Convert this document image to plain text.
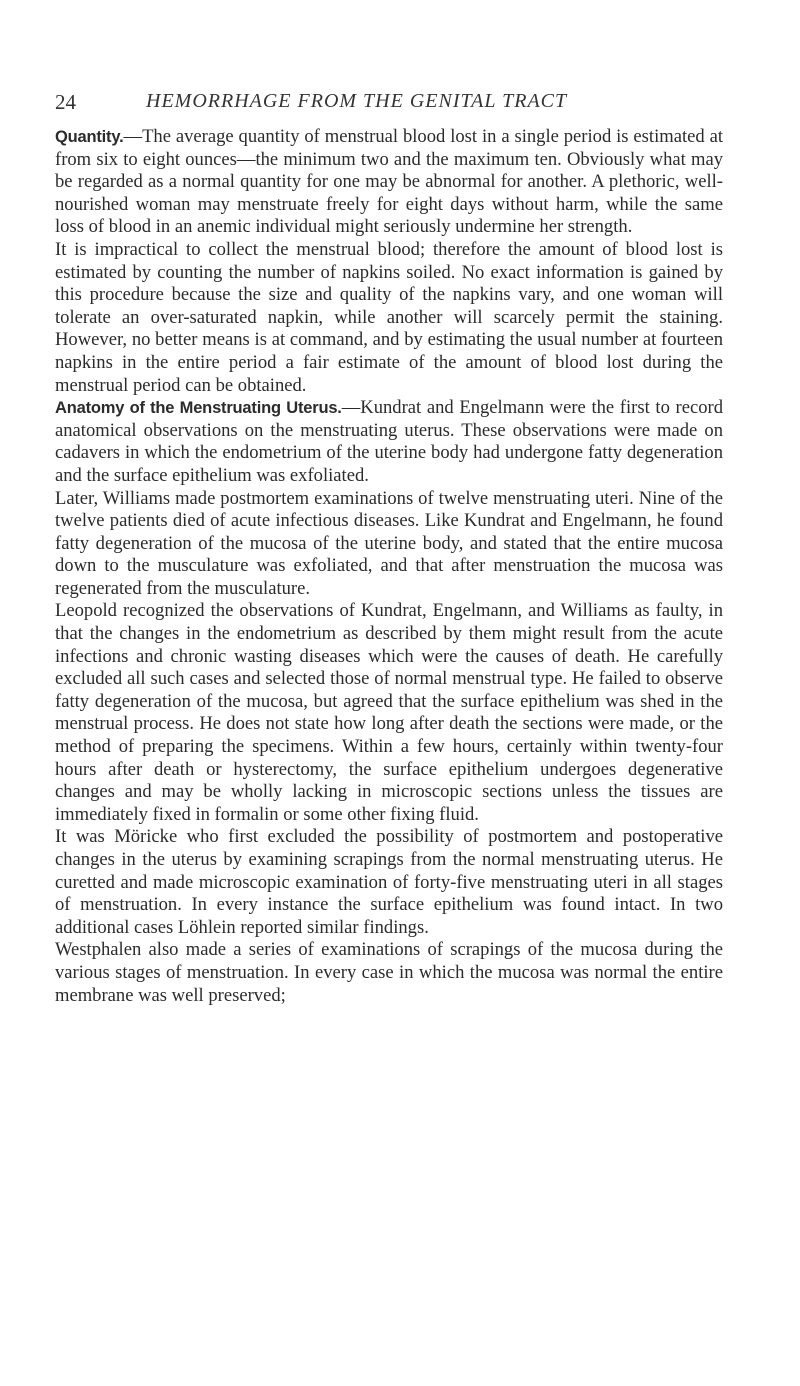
24	HEMORRHAGE FROM THE GENITAL TRACT

Quantity.—The average quantity of menstrual blood lost in a single period is estimated at from six to eight ounces—the minimum two and the maximum ten. Obviously what may be regarded as a normal quantity for one may be abnormal for another. A plethoric, well-nourished woman may menstruate freely for eight days without harm, while the same loss of blood in an anemic individual might seriously undermine her strength.

It is impractical to collect the menstrual blood; therefore the amount of blood lost is estimated by counting the number of napkins soiled. No exact information is gained by this procedure because the size and quality of the napkins vary, and one woman will tolerate an over-saturated napkin, while another will scarcely permit the staining. However, no better means is at command, and by estimating the usual number at fourteen napkins in the entire period a fair estimate of the amount of blood lost during the menstrual period can be obtained.

Anatomy of the Menstruating Uterus.—Kundrat and Engelmann were the first to record anatomical observations on the menstruating uterus. These observations were made on cadavers in which the endometrium of the uterine body had undergone fatty degeneration and the surface epithelium was exfoliated.

Later, Williams made postmortem examinations of twelve menstruating uteri. Nine of the twelve patients died of acute infectious diseases. Like Kundrat and Engelmann, he found fatty degeneration of the mucosa of the uterine body, and stated that the entire mucosa down to the musculature was exfoliated, and that after menstruation the mucosa was regenerated from the musculature.

Leopold recognized the observations of Kundrat, Engelmann, and Williams as faulty, in that the changes in the endometrium as described by them might result from the acute infections and chronic wasting diseases which were the causes of death. He carefully excluded all such cases and selected those of normal menstrual type. He failed to observe fatty degeneration of the mucosa, but agreed that the surface epithelium was shed in the menstrual process. He does not state how long after death the sections were made, or the method of preparing the specimens. Within a few hours, certainly within twenty-four hours after death or hysterectomy, the surface epithelium undergoes degenerative changes and may be wholly lacking in microscopic sections unless the tissues are immediately fixed in formalin or some other fixing fluid.

It was Möricke who first excluded the possibility of postmortem and postoperative changes in the uterus by examining scrapings from the normal menstruating uterus. He curetted and made microscopic examination of forty-five menstruating uteri in all stages of menstruation. In every instance the surface epithelium was found intact. In two additional cases Löhlein reported similar findings.

Westphalen also made a series of examinations of scrapings of the mucosa during the various stages of menstruation. In every case in which the mucosa was normal the entire membrane was well preserved;
